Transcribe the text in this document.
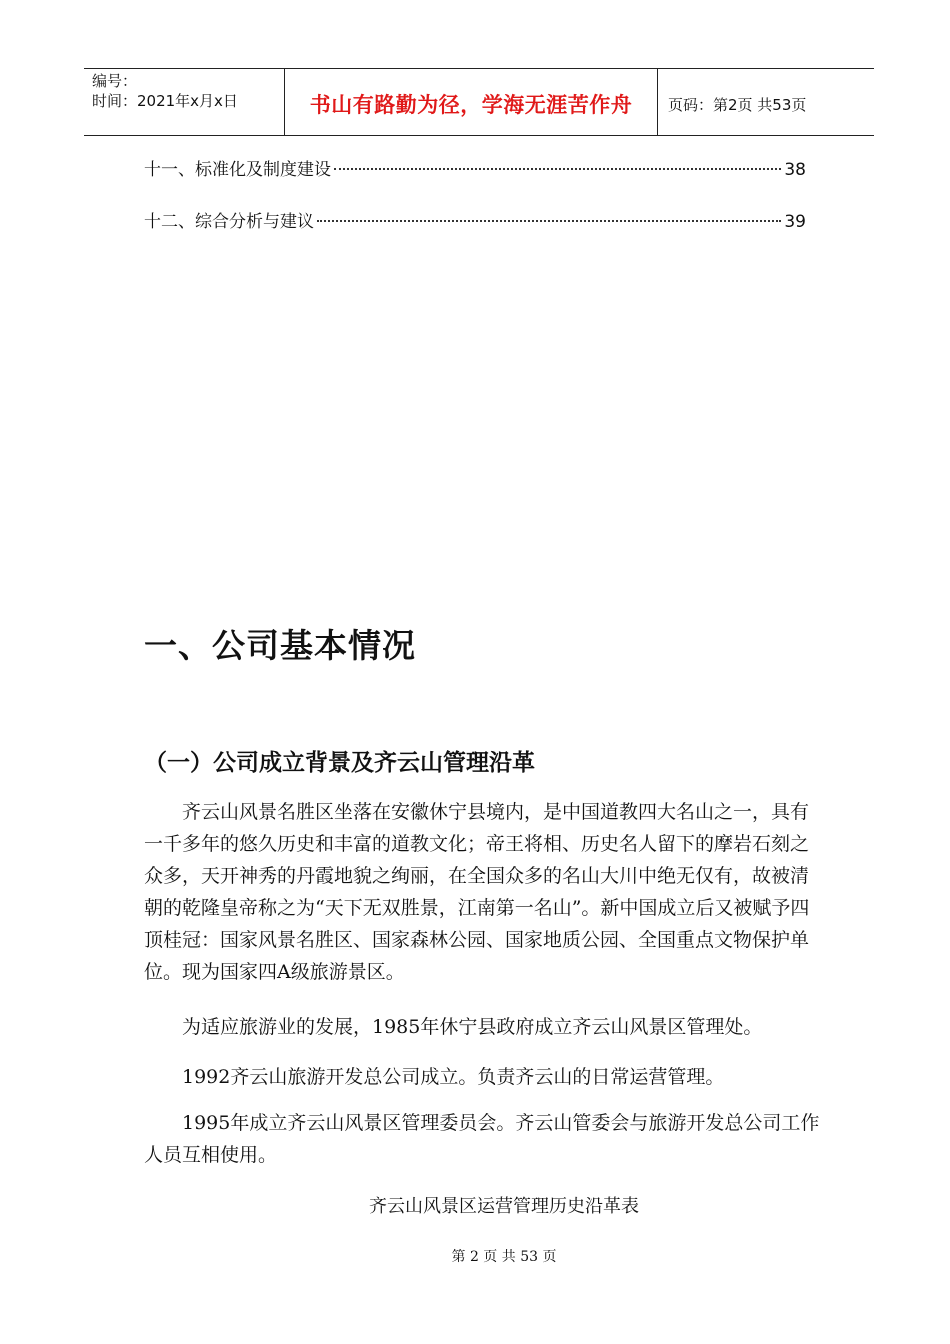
编号：
时间：2021年x月x日	书山有路勤为径，学海无涯苦作舟 页码：第2页 共53页
十一、标准化及制度建设	38
十二、综合分析与建议	39
一、公司基本情况
（一）公司成立背景及齐云山管理沿革

齐云山风景名胜区坐落在安徽休宁县境内，是中国道教四大名山之一，具有一千多年的悠久历史和丰富的道教文化；帝王将相、历史名人留下的摩岩石刻之众多，天开神秀的丹霞地貌之绚丽，在全国众多的名山大川中绝无仅有，故被清朝的乾隆皇帝称之为“天下无双胜景，江南第一名山”。新中国成立后又被赋予四顶桂冠：国家风景名胜区、国家森林公园、国家地质公园、全国重点文物保护单位。现为国家四A级旅游景区。

为适应旅游业的发展，1985年休宁县政府成立齐云山风景区管理处。

1992齐云山旅游开发总公司成立。负责齐云山的日常运营管理。

1995年成立齐云山风景区管理委员会。齐云山管委会与旅游开发总公司工作人员互相使用。

齐云山风景区运营管理历史沿革表
第 2 页 共 53 页
